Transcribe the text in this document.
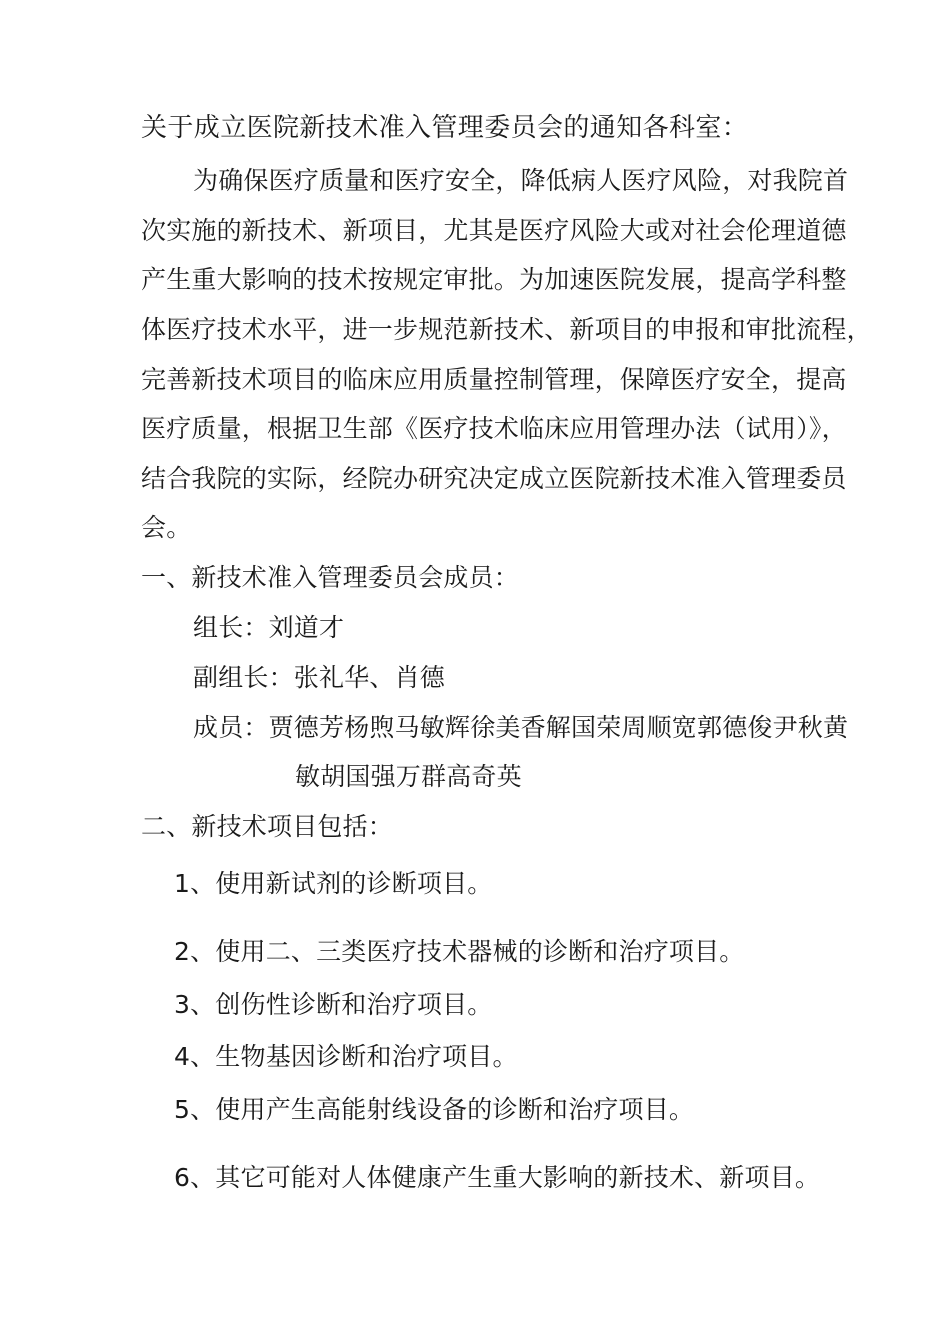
关于成立医院新技术准入管理委员会的通知各科室：
为确保医疗质量和医疗安全，降低病人医疗风险，对我院首
次实施的新技术、新项目，尤其是医疗风险大或对社会伦理道德
产生重大影响的技术按规定审批。为加速医院发展，提高学科整
体医疗技术水平，进一步规范新技术、新项目的申报和审批流程，
完善新技术项目的临床应用质量控制管理，保障医疗安全，提高
医疗质量，根据卫生部《医疗技术临床应用管理办法（试用）》，
结合我院的实际，经院办研究决定成立医院新技术准入管理委员
会。
一、新技术准入管理委员会成员：
组长：刘道才
副组长：张礼华、肖德
成员：贾德芳杨煦马敏辉徐美香解国荣周顺宽郭德俊尹秋黄
敏胡国强万群高奇英
二、新技术项目包括：
1、使用新试剂的诊断项目。
2、使用二、三类医疗技术器械的诊断和治疗项目。
3、创伤性诊断和治疗项目。
4、生物基因诊断和治疗项目。
5、使用产生高能射线设备的诊断和治疗项目。
6、其它可能对人体健康产生重大影响的新技术、新项目。
